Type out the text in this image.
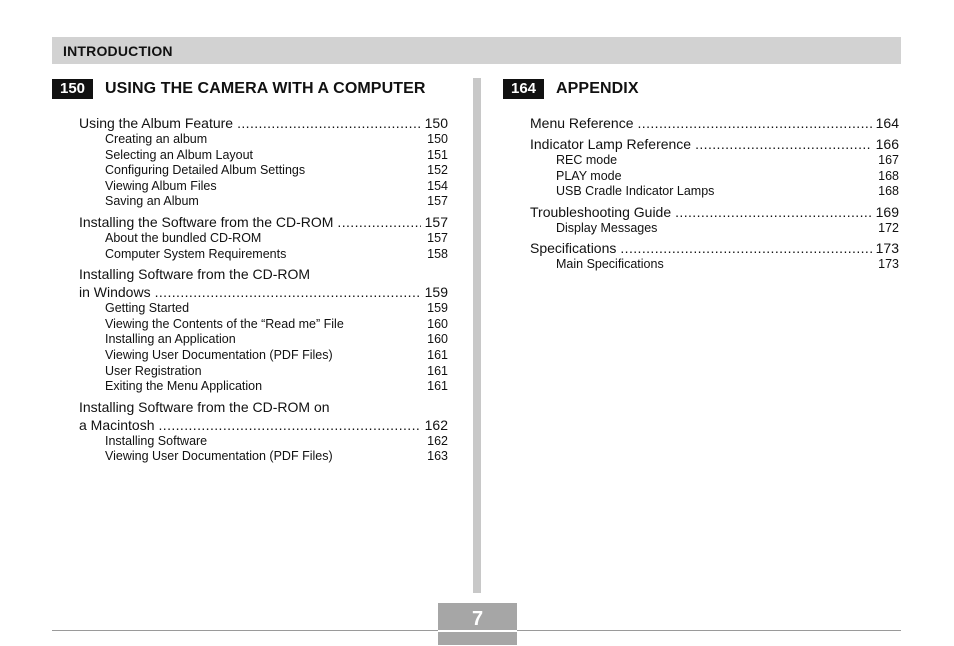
INTRODUCTION
150	USING THE CAMERA WITH A COMPUTER
Using the Album Feature .....	150
Creating an album	150
Selecting an Album Layout	151
Configuring Detailed Album Settings	152
Viewing Album Files	154
Saving an Album	157
Installing the Software from the CD-ROM .....	157
About the bundled CD-ROM	157
Computer System Requirements	158
Installing Software from the CD-ROM
in Windows .....	159
Getting Started	159
Viewing the Contents of the “Read me” File	160
Installing an Application	160
Viewing User Documentation (PDF Files)	161
User Registration	161
Exiting the Menu Application	161
Installing Software from the CD-ROM on
a Macintosh .....	162
Installing Software	162
Viewing User Documentation (PDF Files)	163
164	APPENDIX
Menu Reference .....	164
Indicator Lamp Reference .....	166
REC mode	167
PLAY mode	168
USB Cradle Indicator Lamps	168
Troubleshooting Guide .....	169
Display Messages	172
Specifications .....	173
Main Specifications	173
7
